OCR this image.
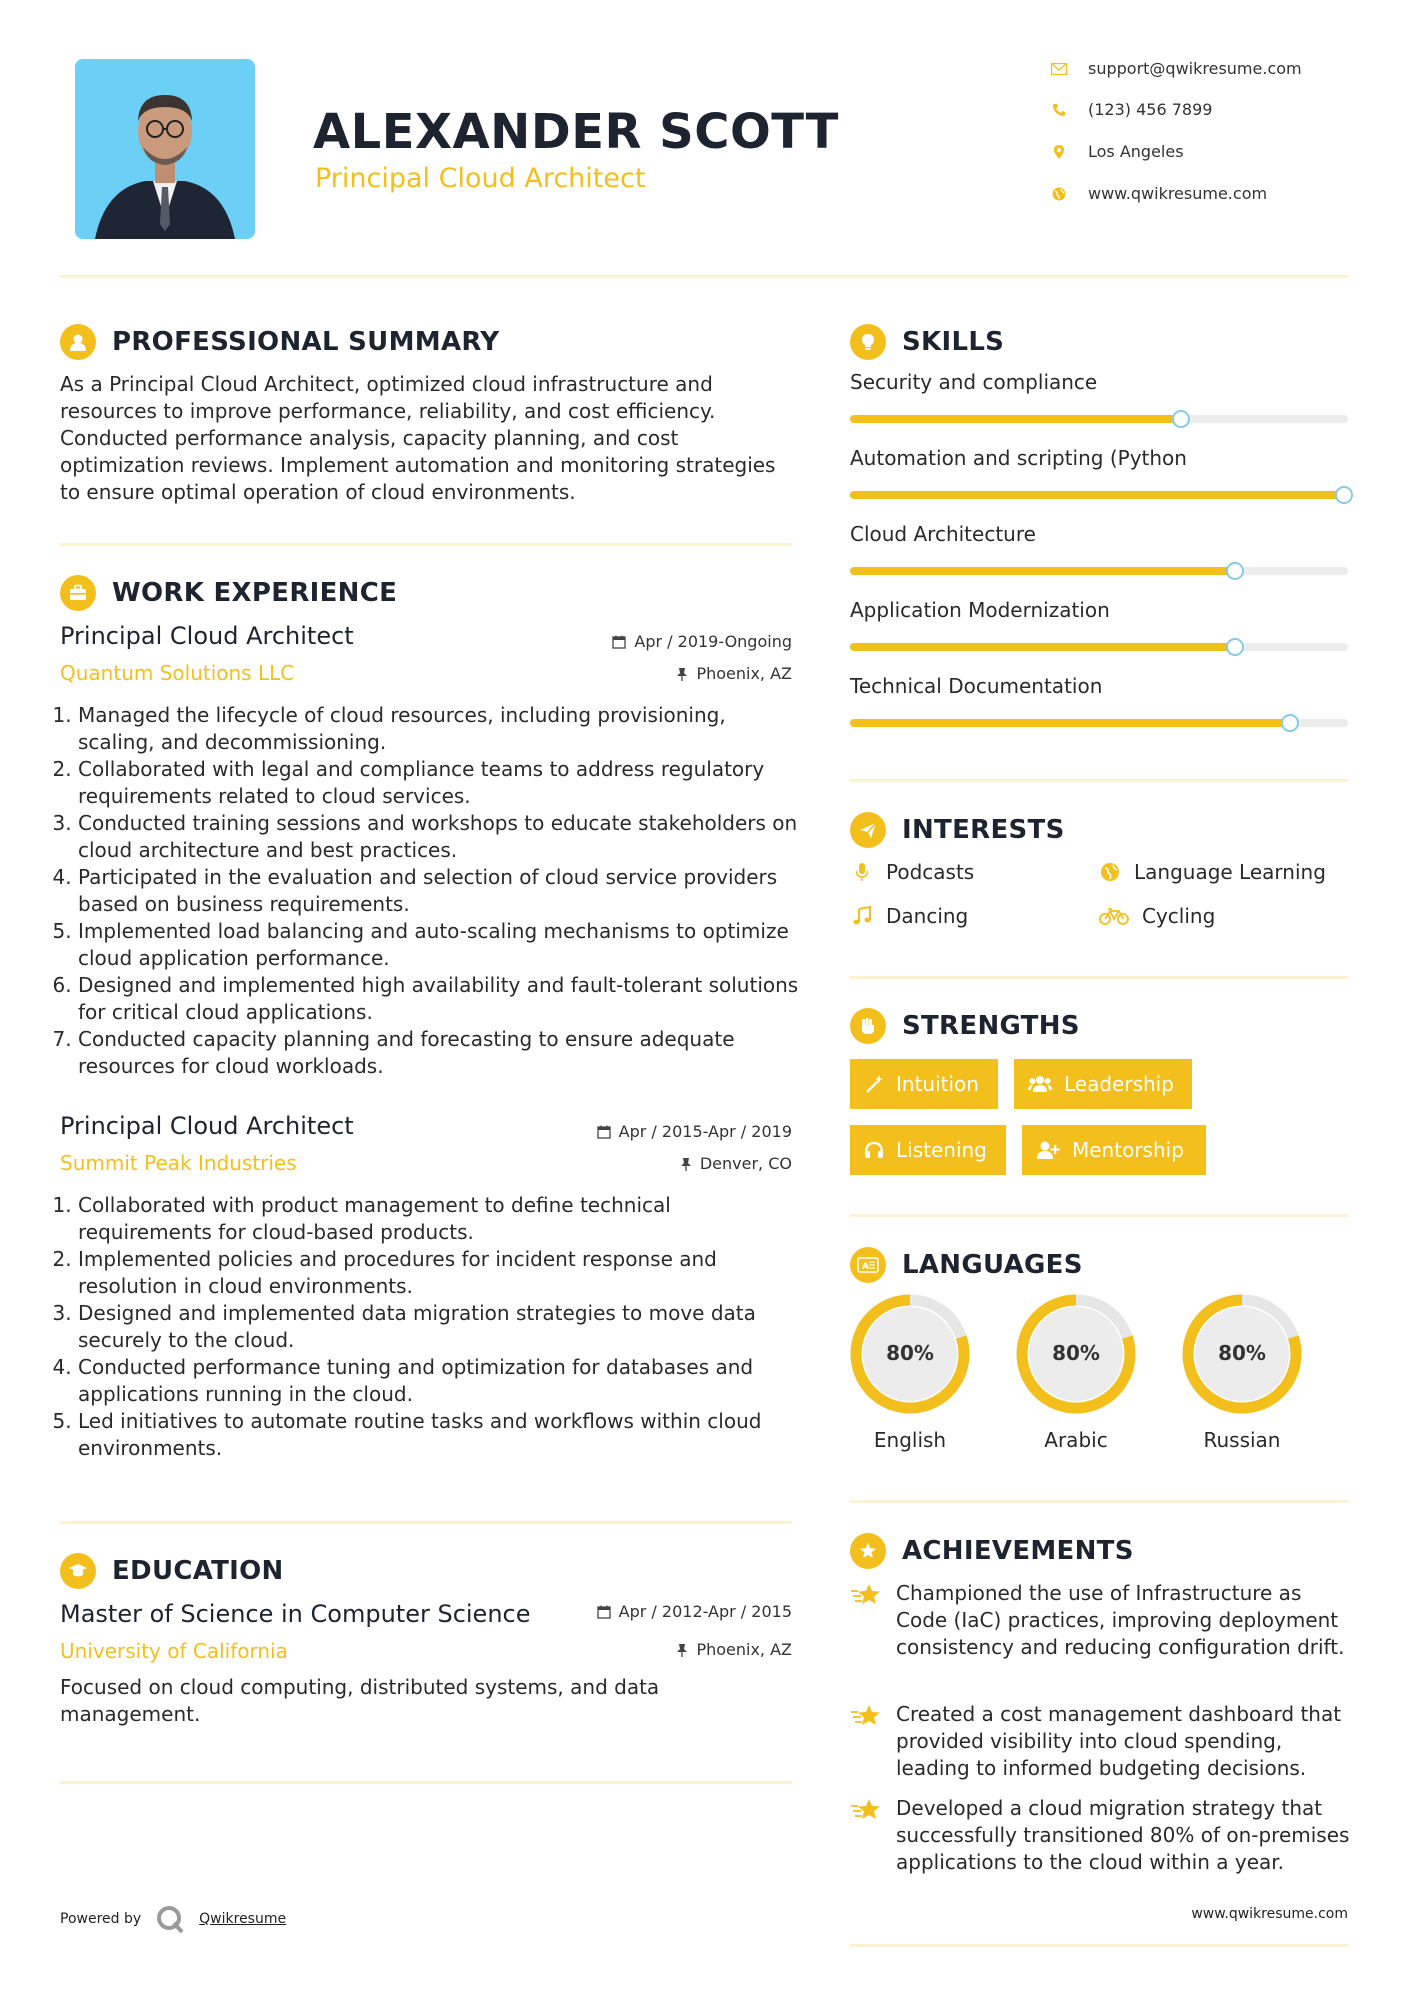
ALEXANDER SCOTT
Principal Cloud Architect
support@qwikresume.com
(123) 456 7899
Los Angeles
www.qwikresume.com
PROFESSIONAL SUMMARY
As a Principal Cloud Architect, optimized cloud infrastructure and resources to improve performance, reliability, and cost efficiency. Conducted performance analysis, capacity planning, and cost optimization reviews. Implement automation and monitoring strategies to ensure optimal operation of cloud environments.
WORK EXPERIENCE
Principal Cloud Architect
Quantum Solutions LLC
Apr / 2019-Ongoing
Phoenix, AZ
1. Managed the lifecycle of cloud resources, including provisioning, scaling, and decommissioning.
2. Collaborated with legal and compliance teams to address regulatory requirements related to cloud services.
3. Conducted training sessions and workshops to educate stakeholders on cloud architecture and best practices.
4. Participated in the evaluation and selection of cloud service providers based on business requirements.
5. Implemented load balancing and auto-scaling mechanisms to optimize cloud application performance.
6. Designed and implemented high availability and fault-tolerant solutions for critical cloud applications.
7. Conducted capacity planning and forecasting to ensure adequate resources for cloud workloads.
Principal Cloud Architect
Summit Peak Industries
Apr / 2015-Apr / 2019
Denver, CO
1. Collaborated with product management to define technical requirements for cloud-based products.
2. Implemented policies and procedures for incident response and resolution in cloud environments.
3. Designed and implemented data migration strategies to move data securely to the cloud.
4. Conducted performance tuning and optimization for databases and applications running in the cloud.
5. Led initiatives to automate routine tasks and workflows within cloud environments.
EDUCATION
Master of Science in Computer Science
University of California
Apr / 2012-Apr / 2015
Phoenix, AZ
Focused on cloud computing, distributed systems, and data management.
Powered by	Qwikresume
SKILLS
Security and compliance
Automation and scripting (Python
Cloud Architecture
Application Modernization
Technical Documentation
INTERESTS
Podcasts	Language Learning
Dancing	Cycling
STRENGTHS
Intuition	Leadership
Listening	Mentorship
A LANGUAGES
80%
English
80%
Arabic
80%
Russian
ACHIEVEMENTS
Championed the use of Infrastructure as Code (IaC) practices, improving deployment consistency and reducing configuration drift.
Created a cost management dashboard that provided visibility into cloud spending, leading to informed budgeting decisions.
Developed a cloud migration strategy that successfully transitioned 80% of on-premises applications to the cloud within a year.
www.qwikresume.com
